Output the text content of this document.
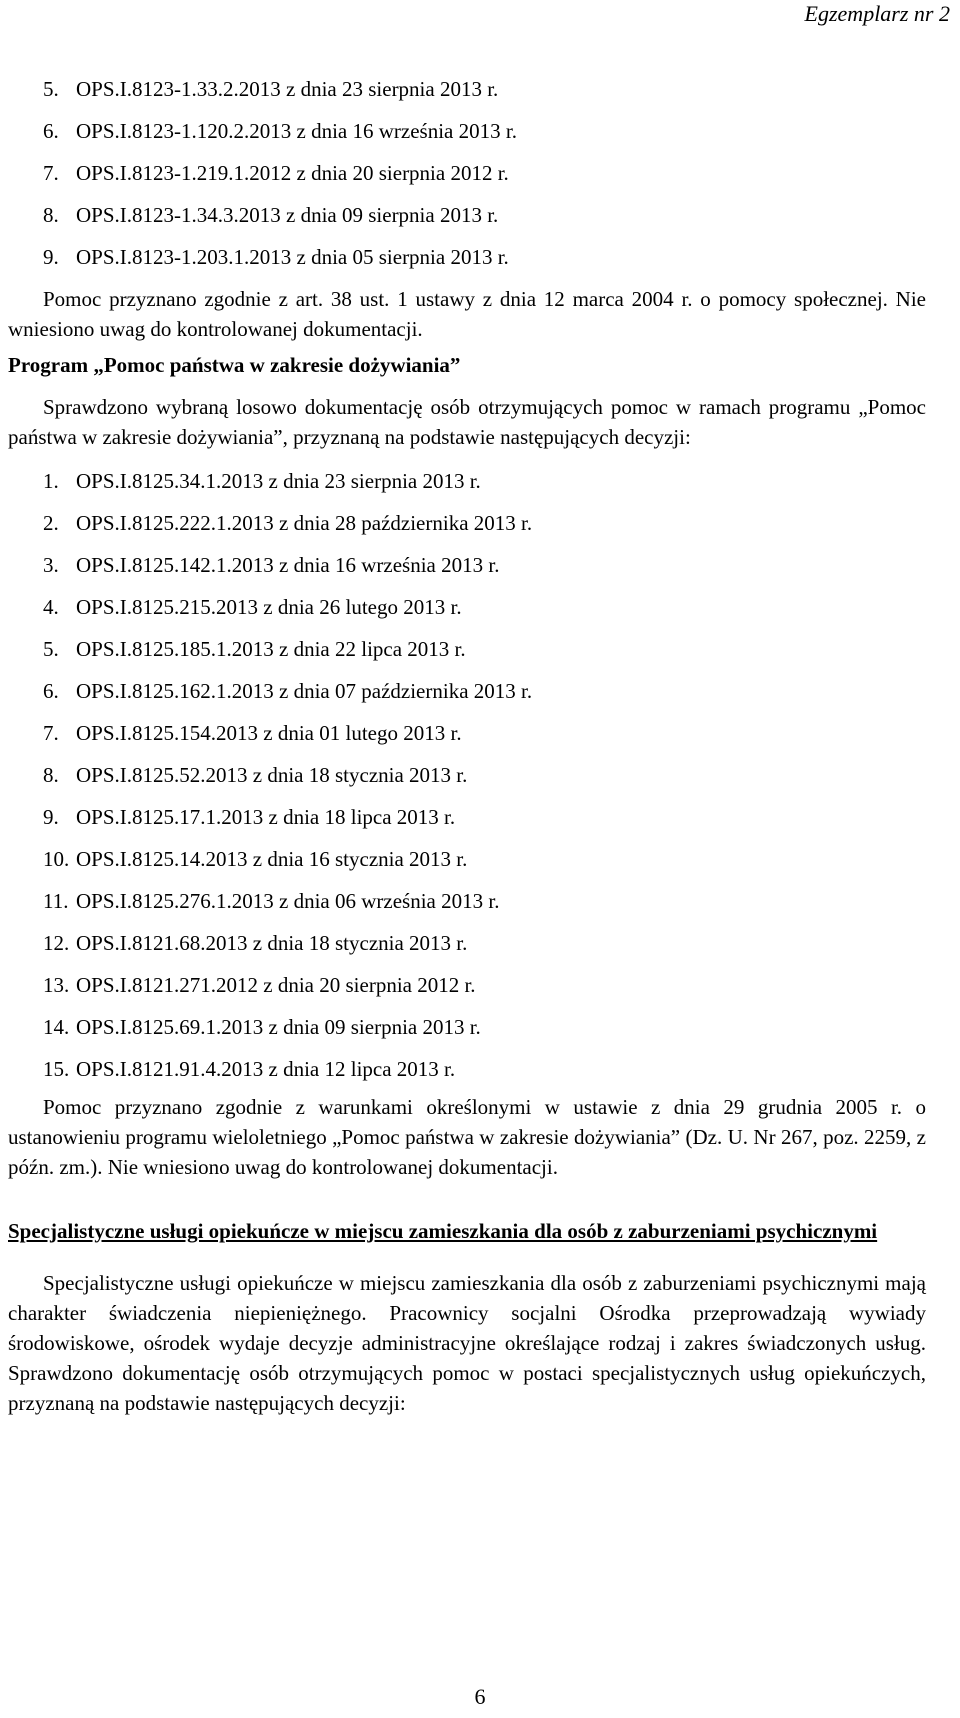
Egzemplarz nr 2
5. OPS.I.8123-1.33.2.2013 z dnia 23 sierpnia 2013 r.
6. OPS.I.8123-1.120.2.2013 z dnia 16 września 2013 r.
7. OPS.I.8123-1.219.1.2012 z dnia 20 sierpnia 2012 r.
8. OPS.I.8123-1.34.3.2013 z dnia 09 sierpnia 2013 r.
9. OPS.I.8123-1.203.1.2013 z dnia 05 sierpnia 2013 r.

Pomoc przyznano zgodnie z art. 38 ust. 1 ustawy z dnia 12 marca 2004 r. o pomocy społecznej. Nie wniesiono uwag do kontrolowanej dokumentacji.

Program „Pomoc państwa w zakresie dożywiania”

Sprawdzono wybraną losowo dokumentację osób otrzymujących pomoc w ramach programu „Pomoc państwa w zakresie dożywiania”, przyznaną na podstawie następujących decyzji:

1. OPS.I.8125.34.1.2013 z dnia 23 sierpnia 2013 r.
2. OPS.I.8125.222.1.2013 z dnia 28 października 2013 r.
3. OPS.I.8125.142.1.2013 z dnia 16 września 2013 r.
4. OPS.I.8125.215.2013 z dnia 26 lutego 2013 r.
5. OPS.I.8125.185.1.2013 z dnia 22 lipca 2013 r.
6. OPS.I.8125.162.1.2013 z dnia 07 października 2013 r.
7. OPS.I.8125.154.2013 z dnia 01 lutego 2013 r.
8. OPS.I.8125.52.2013 z dnia 18 stycznia 2013 r.
9. OPS.I.8125.17.1.2013 z dnia 18 lipca 2013 r.
10. OPS.I.8125.14.2013 z dnia 16 stycznia 2013 r.
11. OPS.I.8125.276.1.2013 z dnia 06 września 2013 r.
12. OPS.I.8121.68.2013 z dnia 18 stycznia 2013 r.
13. OPS.I.8121.271.2012 z dnia 20 sierpnia 2012 r.
14. OPS.I.8125.69.1.2013 z dnia 09 sierpnia 2013 r.
15. OPS.I.8121.91.4.2013 z dnia 12 lipca 2013 r.

Pomoc przyznano zgodnie z warunkami określonymi w ustawie z dnia 29 grudnia 2005 r. o ustanowieniu programu wieloletniego „Pomoc państwa w zakresie dożywiania” (Dz. U. Nr 267, poz. 2259, z późn. zm.). Nie wniesiono uwag do kontrolowanej dokumentacji.

Specjalistyczne usługi opiekuńcze w miejscu zamieszkania dla osób z zaburzeniami psychicznymi

Specjalistyczne usługi opiekuńcze w miejscu zamieszkania dla osób z zaburzeniami psychicznymi mają charakter świadczenia niepieniężnego. Pracownicy socjalni Ośrodka przeprowadzają wywiady środowiskowe, ośrodek wydaje decyzje administracyjne określające rodzaj i zakres świadczonych usług. Sprawdzono dokumentację osób otrzymujących pomoc w postaci specjalistycznych usług opiekuńczych, przyznaną na podstawie następujących decyzji:

6
